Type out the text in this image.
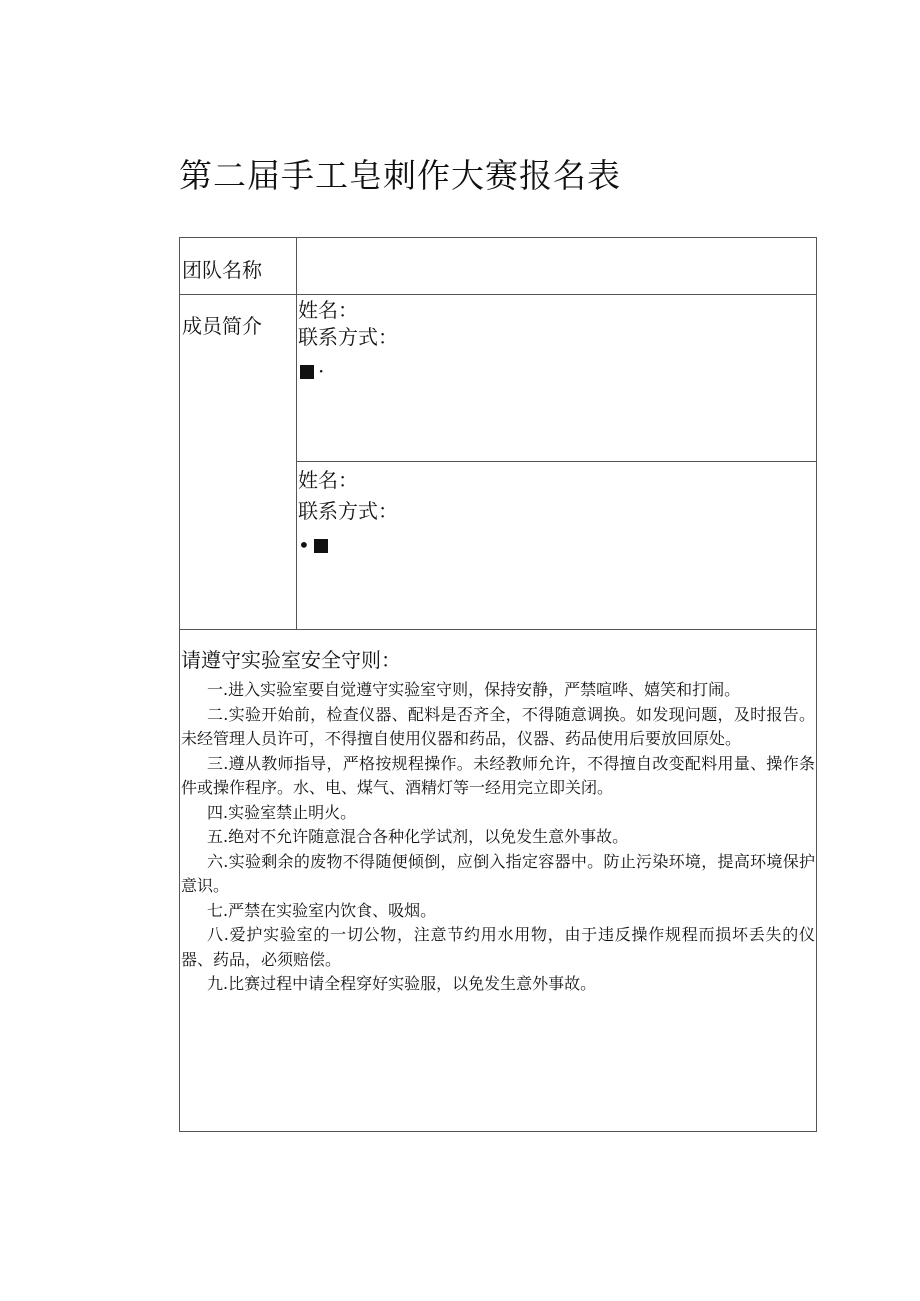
第二届手工皂刺作大赛报名表
团队名称
成员简介
姓名：
联系方式：
·
姓名：
联系方式：
•
请遵守实验室安全守则：

一.进入实验室要自觉遵守实验室守则，保持安静，严禁喧哗、嬉笑和打闹。

二.实验开始前，检查仪器、配料是否齐全，不得随意调换。如发现问题，及时报告。未经管理人员许可，不得擅自使用仪器和药品，仪器、药品使用后要放回原处。

三.遵从教师指导，严格按规程操作。未经教师允许，不得擅自改变配料用量、操作条件或操作程序。水、电、煤气、酒精灯等一经用完立即关闭。

四.实验室禁止明火。

五.绝对不允许随意混合各种化学试剂，以免发生意外事故。

六.实验剩余的废物不得随便倾倒，应倒入指定容器中。防止污染环境，提高环境保护意识。

七.严禁在实验室内饮食、吸烟。

八.爱护实验室的一切公物，注意节约用水用物，由于违反操作规程而损坏丢失的仪器、药品，必须赔偿。

九.比赛过程中请全程穿好实验服，以免发生意外事故。
